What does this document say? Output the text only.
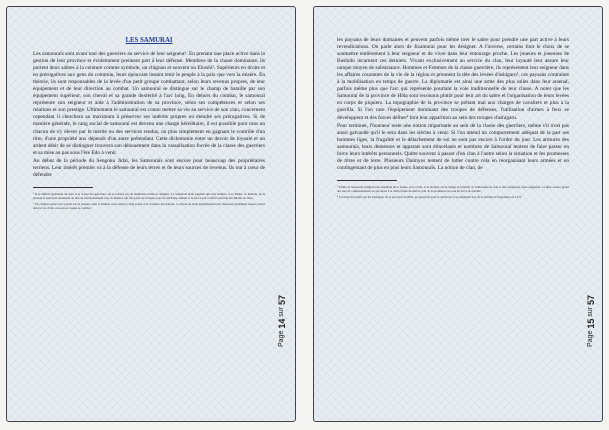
LES SAMURAI

Les samouraïs sont avant tout des guerriers au service de leur seigneur¹. En prenant une place active dans la gestion de leur province et évidemment prennent part à leur défense. Membres de la classe dominante, ils portent deux sabres à la ceinture comme symbole, un chignon et souvent un Eboshi². Supérieurs en droits et en prérogatives aux gens du commun, leurs épouvant instant tenir le peuple à la paix que vers la misère. En théorie, ils sont responsables de la levée d'un petit groupe combattant, selon leurs revenus propres, de leur équipement et de leur direction au combat. Un samouraï se distingue sur le champ de bataille par son équipement supérieur, son cheval et sa grande dextérité à l'arc long. En dehors du combat, le samouraï représente son seigneur et aide à l'administration de sa province, selon ses compétences et selon ses relations et son prestige. Ultimement le samouraï est connu mettre sa vie au service de son clan, concernent cependant il cherchera au maximum à préserver ses intérêts propres ou étendre ses prérogatives. Si de manière générale, le rang social de samouraï est devenu une charge héréditaire, il est possible pour tous un chacun de s'y élever par le mérite ou des services rendus, ou plus simplement en gagnant le contrôle d'un titre, d'une propriété aux dépends d'un autre prétendant. Cette dichotomie entre un devoir de loyauté et un ardent désir de se distinguer trouvera son dénouement dans la vassalisation forcée de la classe des guerriers et sa mise au pas sous l'ère Edo à venir.

Au début de la période du Sengoku Jidai, les Samouraïs sont encore pour beaucoup des propriétaires terriens. Leur intérêt premier va à la défense de leurs terres et de leurs sources de revenus. Ils ont à cœur de défendre

¹ Il se définit également du sens et la classe des guerriers, sur le parfois par de nombreux terme le désigner. Le Samouraï étant pendant une très nombre, et le Bushi. Le Kamou, de la période et principal seulement au lien au fonctionnement avec le Kamou. On fait partie de l'attente pour les rétribués, aimant et le tout à tout à l'effort sécurité des Rônins au final.

² Un chapeau porté avec pointe sur sa plateau, dont la hauteur varie selon le rang social et le contexte des nations. Le mode on étant généralement une chapeaux également laqués, portés dans la vie civile, ou sous le casque de combat.

Page 14 sur 57

les paysans de leurs domaines et peuvent parfois même tirer le sabre pour prendre une part active à leurs revendications. On parle alors de Jizamurai pour les désigner. A l'inverse, certains font le choix de se soumettre entièrement à leur seigneur et de vivre dans leur entourage proche. Les joueurs et joueuses de Bushido incarnent ces derniers. Vivant exclusivement au service du clan, leur loyauté leur assure leur unique moyen de subsistance. Hommes et Femmes de la classe guerrière, ils représentent leur seigneur dans les affaires courantes de la vie de la région et prennent la tête des levées d'ashigaru³, ces paysans contraints à la mobilisation en temps de guerre. La diplomatie est ainsi une arme des plus utiles dans leur arsenal, parfois même plus que l'arc qui représente pourtant la voie traditionnelle de leur classe. A noter que les Samouraï de la province de Hida sont reconnus plutôt pour leur art du sabre et l'organisation de leurs levées en corps de piquiers. La topographie de la province se prêtant mal aux charges de cavaliers et plus à la guérilla. Si l'on rase l'équipement dominant des troupes de défenses, l'utilisation d'armes à feux se développent et des forces délites⁴ font leur apparition au sein des troupes d'ashigaru.

Pour terminer, l'honneur reste une notion importante au sein de la classe des guerriers, même s'il n'est pas aussi galvaudé qu'il le sera dans les siècles à venir. Si l'on attend un comportement adéquat de la part ses hommes liges, la frugalité et le détachement de soi ne sont pas encore à l'ordre du jour. Les armures des samouraïs, leurs demeures et apparats sont étincelants et nombres de Samouraï tentent de faire passer en force leurs intérêts personnels. Quitte souvent à passer d'un clan à l'autre selon la situation et les promesses de titres et de terre. Plusieurs Daimyos tentent de lutter contre cela en réorganisant leurs armées et en contingentant de plus en plus leurs Samouraïs. La notion de clan, de

³ Terme de Samouraï désignant un ensemble de la bonne, se ta à l'air, et la droiture est la charge de bouillie, la Tomozume au clan et des rompiques, leurs seigneurs. La mise en leur grand dos une de commandement, et qui aurait à la d'être fonde du mal de jour de la pertinence ne sont en force de bataille.

⁴ L'arrivée des fusils par les Portugais, de la province de Hida, les guerriers pour le dérouvrir à ces tégument lors de la bataille de Nagashino en 1575.

Page 15 sur 57
